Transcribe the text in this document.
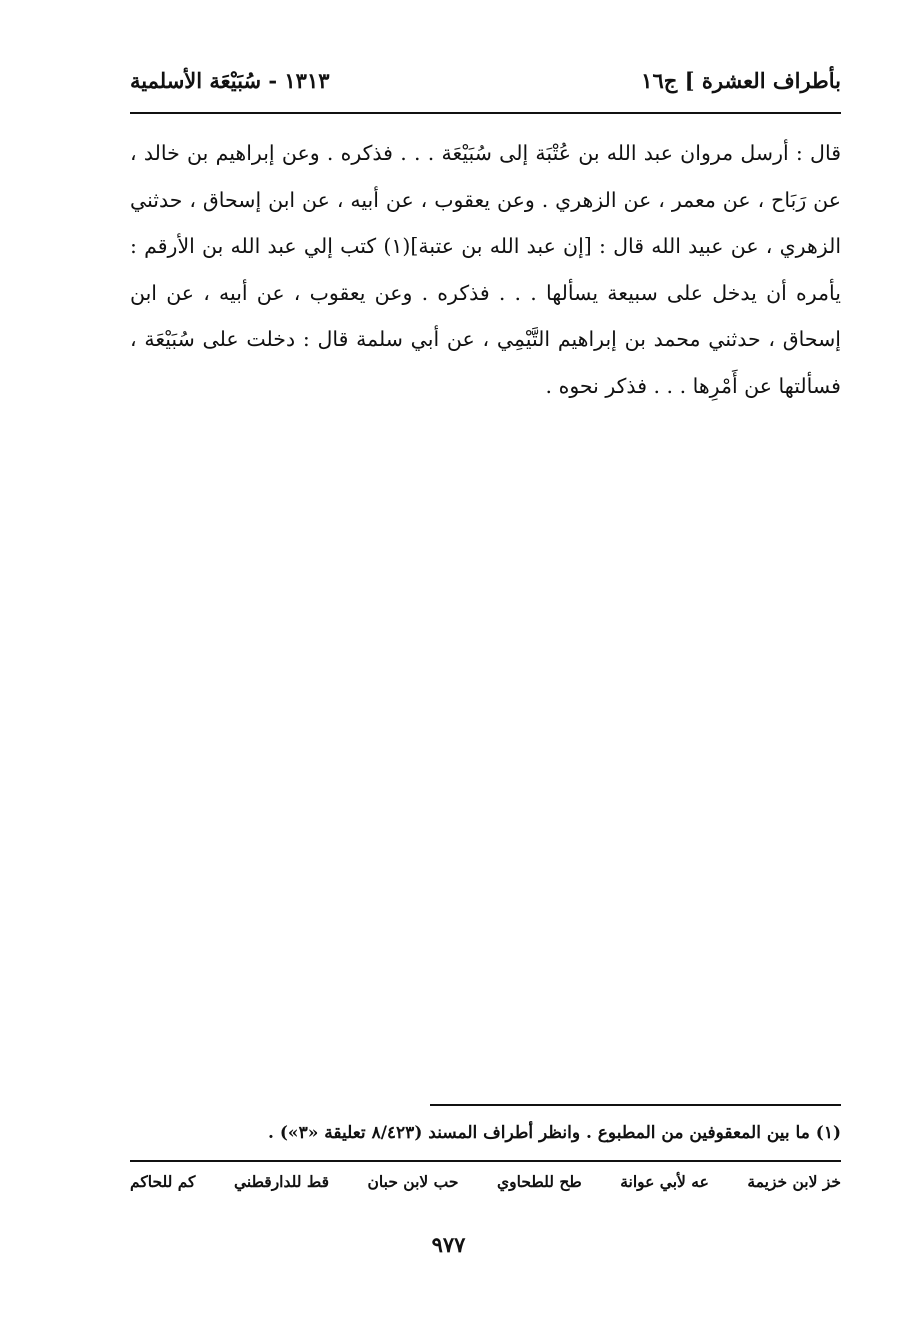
بأطراف العشرة ] ج١٦
١٣١٣ - سُبَيْعَة الأسلمية

قال : أرسل مروان عبد الله بن عُتْبَة إلى سُبَيْعَة . . . فذكره . وعن إبراهيم بن خالد ، عن رَبَاح ، عن معمر ، عن الزهري . وعن يعقوب ، عن أبيه ، عن ابن إسحاق ، حدثني الزهري ، عن عبيد الله قال : [إن عبد الله بن عتبة](١) كتب إلي عبد الله بن الأرقم : يأمره أن يدخل على سبيعة يسألها . . . فذكره . وعن يعقوب ، عن أبيه ، عن ابن إسحاق ، حدثني محمد بن إبراهيم التَّيْمِي ، عن أبي سلمة قال : دخلت على سُبَيْعَة ، فسألتها عن أَمْرِها . . . فذكر نحوه .

(١) ما بين المعقوفين من المطبوع . وانظر أطراف المسند (٨/٤٢٣ تعليقة «٣») .
خز لابن خزيمة
عه لأبي عوانة
طح للطحاوي
حب لابن حبان
قط للدارقطني
كم للحاكم
٩٧٧
